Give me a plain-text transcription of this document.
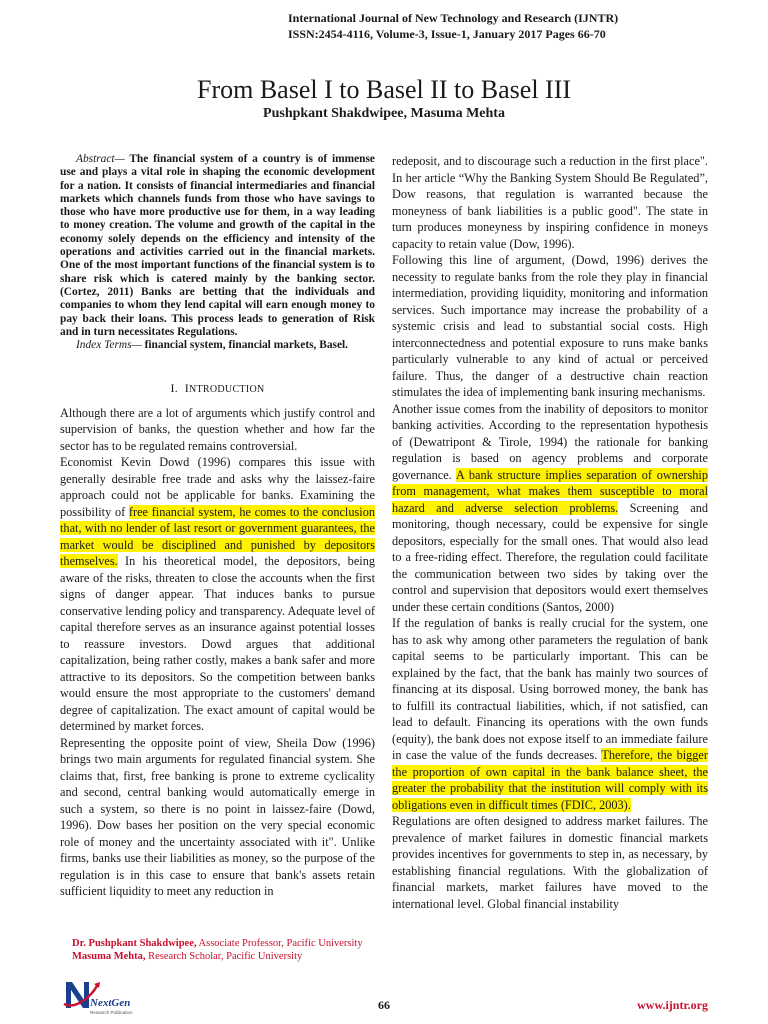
International Journal of New Technology and Research (IJNTR)
ISSN:2454-4116, Volume-3, Issue-1, January 2017 Pages 66-70
From Basel I to Basel II to Basel III
Pushpkant Shakdwipee, Masuma Mehta

Abstract— The financial system of a country is of immense use and plays a vital role in shaping the economic development for a nation. It consists of financial intermediaries and financial markets which channels funds from those who have savings to those who have more productive use for them, in a way leading to money creation. The volume and growth of the capital in the economy solely depends on the efficiency and intensity of the operations and activities carried out in the financial markets. One of the most important functions of the financial system is to share risk which is catered mainly by the banking sector. (Cortez, 2011) Banks are betting that the individuals and companies to whom they lend capital will earn enough money to pay back their loans. This process leads to generation of Risk and in turn necessitates Regulations.

Index Terms— financial system, financial markets, Basel.

I. INTRODUCTION

Although there are a lot of arguments which justify control and supervision of banks, the question whether and how far the sector has to be regulated remains controversial.

Economist Kevin Dowd (1996) compares this issue with generally desirable free trade and asks why the laissez-faire approach could not be applicable for banks. Examining the possibility of free financial system, he comes to the conclusion that, with no lender of last resort or government guarantees, the market would be disciplined and punished by depositors themselves. In his theoretical model, the depositors, being aware of the risks, threaten to close the accounts when the first signs of danger appear. That induces banks to pursue conservative lending policy and transparency. Adequate level of capital therefore serves as an insurance against potential losses to reassure investors. Dowd argues that additional capitalization, being rather costly, makes a bank safer and more attractive to its depositors. So the competition between banks would ensure the most appropriate to the customers' demand degree of capitalization. The exact amount of capital would be determined by market forces.

Representing the opposite point of view, Sheila Dow (1996) brings two main arguments for regulated financial system. She claims that, first, free banking is prone to extreme cyclicality and second, central banking would automatically emerge in such a system, so there is no point in laissez-faire (Dowd, 1996). Dow bases her position on the very special economic role of money and the uncertainty associated with it". Unlike firms, banks use their liabilities as money, so the purpose of the regulation is in this case to ensure that bank's assets retain sufficient liquidity to meet any reduction in

redeposit, and to discourage such a reduction in the first place". In her article “Why the Banking System Should Be Regulated”, Dow reasons, that regulation is warranted because the moneyness of bank liabilities is a public good". The state in turn produces moneyness by inspiring confidence in moneys capacity to retain value (Dow, 1996).

Following this line of argument, (Dowd, 1996) derives the necessity to regulate banks from the role they play in financial intermediation, providing liquidity, monitoring and information services. Such importance may increase the probability of a systemic crisis and lead to substantial social costs. High interconnectedness and potential exposure to runs make banks particularly vulnerable to any kind of actual or perceived failure. Thus, the danger of a destructive chain reaction stimulates the idea of implementing bank insuring mechanisms.

Another issue comes from the inability of depositors to monitor banking activities. According to the representation hypothesis of (Dewatripont & Tirole, 1994) the rationale for banking regulation is based on agency problems and corporate governance. A bank structure implies separation of ownership from management, what makes them susceptible to moral hazard and adverse selection problems. Screening and monitoring, though necessary, could be expensive for single depositors, especially for the small ones. That would also lead to a free-riding effect. Therefore, the regulation could facilitate the communication between two sides by taking over the control and supervision that depositors would exert themselves under these certain conditions (Santos, 2000)

If the regulation of banks is really crucial for the system, one has to ask why among other parameters the regulation of bank capital seems to be particularly important. This can be explained by the fact, that the bank has mainly two sources of financing at its disposal. Using borrowed money, the bank has to fulfill its contractual liabilities, which, if not satisfied, can lead to default. Financing its operations with the own funds (equity), the bank does not expose itself to an immediate failure in case the value of the funds decreases. Therefore, the bigger the proportion of own capital in the bank balance sheet, the greater the probability that the institution will comply with its obligations even in difficult times (FDIC, 2003).

Regulations are often designed to address market failures. The prevalence of market failures in domestic financial markets provides incentives for governments to step in, as necessary, by establishing financial regulations. With the globalization of financial markets, market failures have moved to the international level. Global financial instability

Dr. Pushpkant Shakdwipee, Associate Professor, Pacific University
Masuma Mehta, Research Scholar, Pacific University
NextGen
Research Publication
66	www.ijntr.org
